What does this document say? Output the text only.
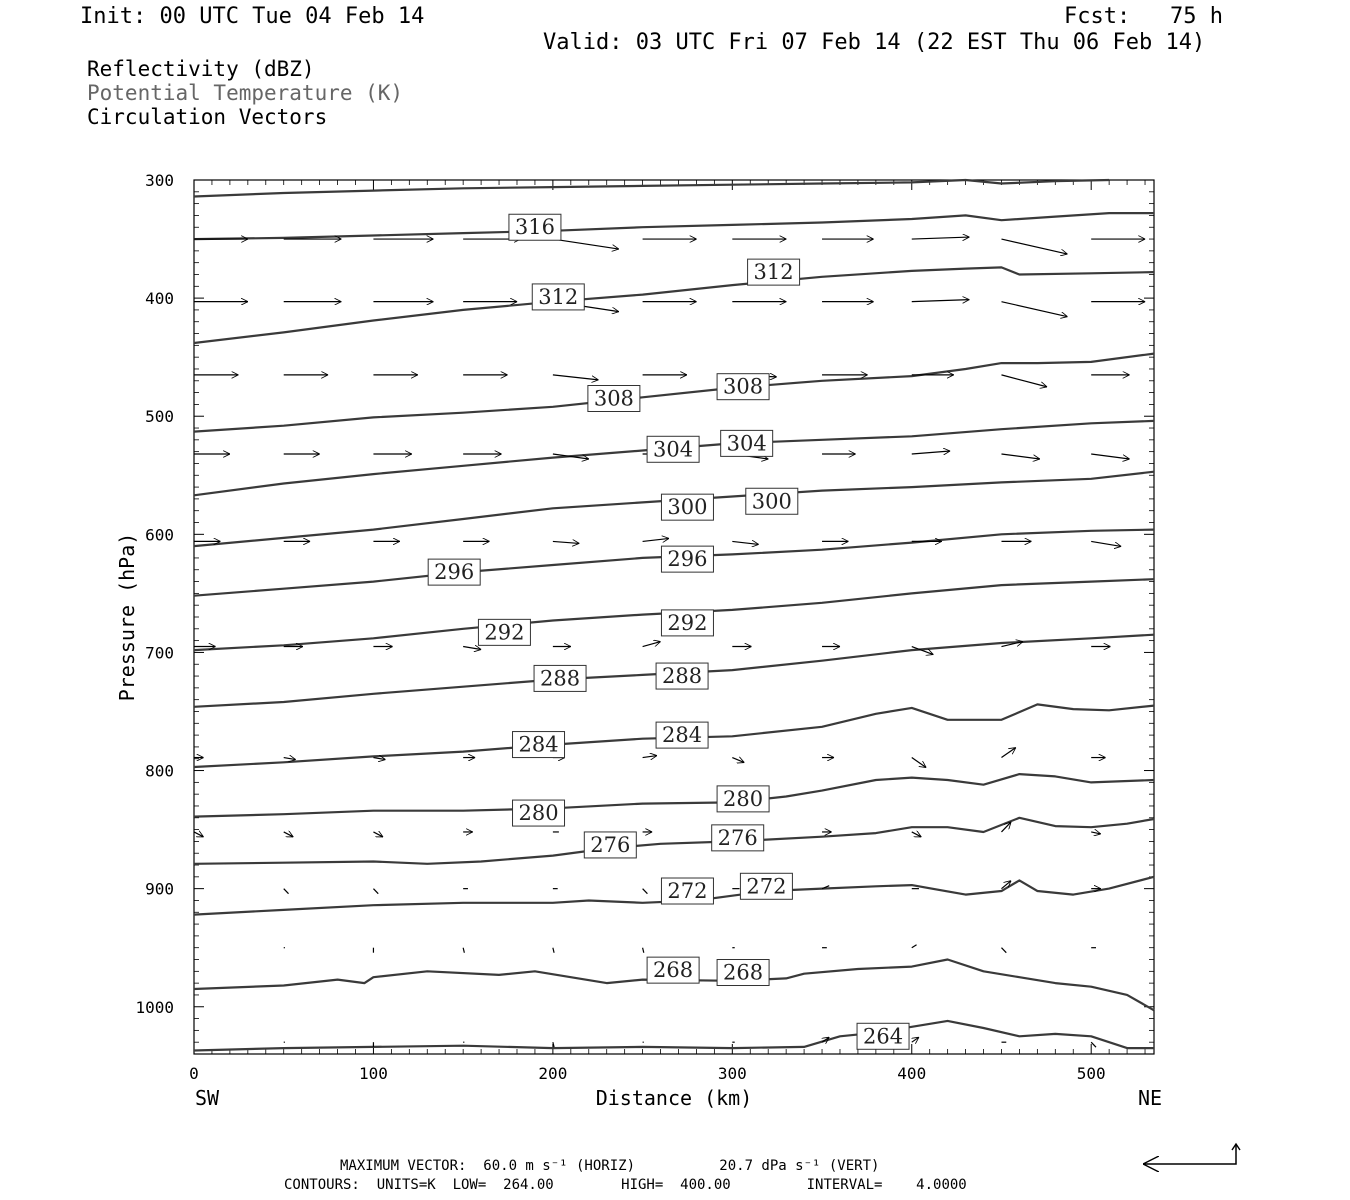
Init: 00 UTC Tue 04 Feb 14	Fcst:   75 h
Valid: 03 UTC Fri 07 Feb 14 (22 EST Thu 06 Feb 14)
Reflectivity (dBZ)
Potential Temperature (K)
Circulation Vectors
316
312
312
308	308
304 304
300 300
296
296
292	292
288	288
284	284
280
280
276	276
272 272
268 268
264
0	100	200	300	400	500
300
400
500
600
700
800
900
1000
Pressure (hPa)
Distance (km)
SW	NE
MAXIMUM VECTOR:  60.0 m s⁻¹ (HORIZ)          20.7 dPa s⁻¹ (VERT)
CONTOURS:  UNITS=K  LOW=  264.00        HIGH=  400.00         INTERVAL=    4.0000
